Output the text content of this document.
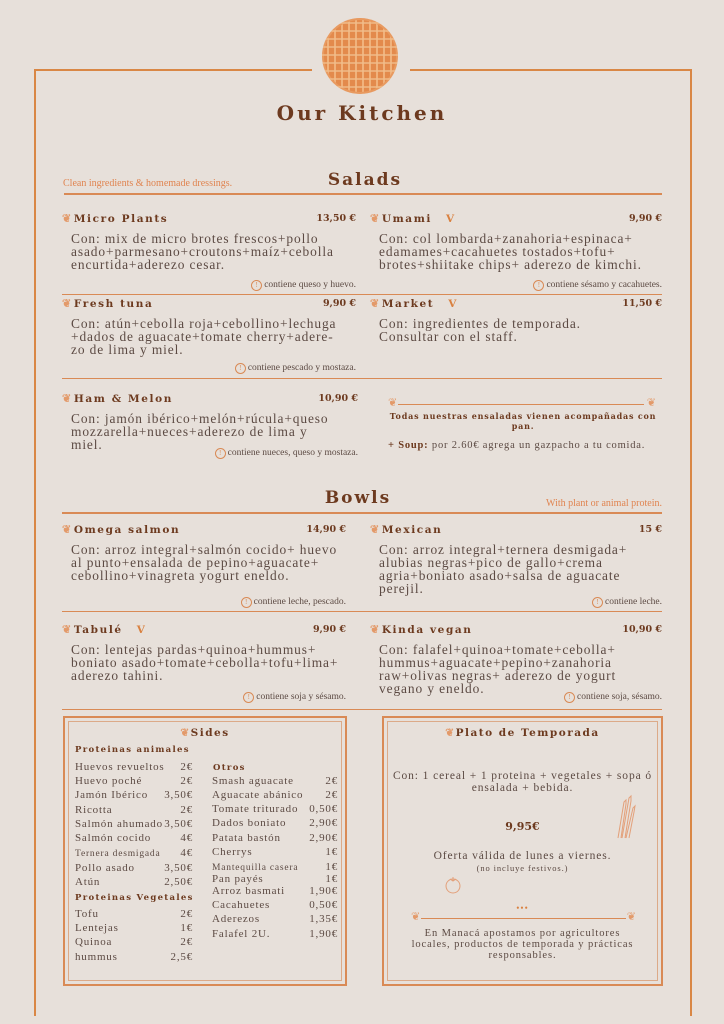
Our Kitchen
Salads
Clean ingredients & homemade dressings.
❦Micro Plants	13,50 €
Con: mix de micro brotes frescos+pollo
asado+parmesano+croutons+maíz+cebolla
encurtida+aderezo cesar.
! contiene queso y huevo.
❦Umami V	9,90 €
Con: col lombarda+zanahoria+espinaca+
edamames+cacahuetes tostados+tofu+
brotes+shiitake chips+ aderezo de kimchi.
! contiene sésamo y cacahuetes.
❦Fresh tuna	9,90 €
Con: atún+cebolla roja+cebollino+lechuga
+dados de aguacate+tomate cherry+adere-
zo de lima y miel.
! contiene pescado y mostaza.
❦Market V	11,50 €
Con: ingredientes de temporada.
Consultar con el staff.
❦Ham & Melon	10,90 €
Con: jamón ibérico+melón+rúcula+queso
mozzarella+nueces+aderezo de lima y
miel.
! contiene nueces, queso y mostaza.
❦	❦
Todas nuestras ensaladas vienen acompañadas con pan.
+ Soup: por 2.60€ agrega un gazpacho a tu comida.
Bowls	With plant or animal protein.
❦Omega salmon	14,90 €
Con: arroz integral+salmón cocido+ huevo
al punto+ensalada de pepino+aguacate+
cebollino+vinagreta yogurt eneldo.
! contiene leche, pescado.
❦Mexican	15 €
Con: arroz integral+ternera desmigada+
alubias negras+pico de gallo+crema
agria+boniato asado+salsa de aguacate
perejil.
! contiene leche.
❦Tabulé V	9,90 €
Con: lentejas pardas+quinoa+hummus+
boniato asado+tomate+cebolla+tofu+lima+
aderezo tahini.
! contiene soja y sésamo.
❦Kinda vegan	10,90 €
Con: falafel+quinoa+tomate+cebolla+
hummus+aguacate+pepino+zanahoria
raw+olivas negras+ aderezo de yogurt
vegano y eneldo.
! contiene soja, sésamo.
❦Sides
Proteinas animales
Proteinas Vegetales
Otros
Huevos revueltos 2€
Huevo poché	2€
Jamón Ibérico 3,50€
Ricotta	2€
Salmón ahumado 3,50€
Salmón cocido	4€
Ternera desmigada 4€
Pollo asado	3,50€
Atún	2,50€
Tofu	2€
Lentejas	1€
Quinoa	2€
hummus	2,5€
Smash aguacate	2€
Aguacate abánico 2€
Tomate triturado 0,50€
Dados boniato 2,90€
Patata bastón	2,90€
Cherrys	1€
Mantequilla casera 1€
Pan payés	1€
Arroz basmati 1,90€
Cacahuetes	0,50€
Aderezos	1,35€
Falafel 2U.	1,90€
❦Plato de Temporada
Con: 1 cereal + 1 proteina + vegetales + sopa ó
ensalada + bebida.
9,95€
Oferta válida de lunes a viernes.
(no incluye festivos.)
•••
❦	❦
En Manacá apostamos por agricultores
locales, productos de temporada y prácticas
responsables.
